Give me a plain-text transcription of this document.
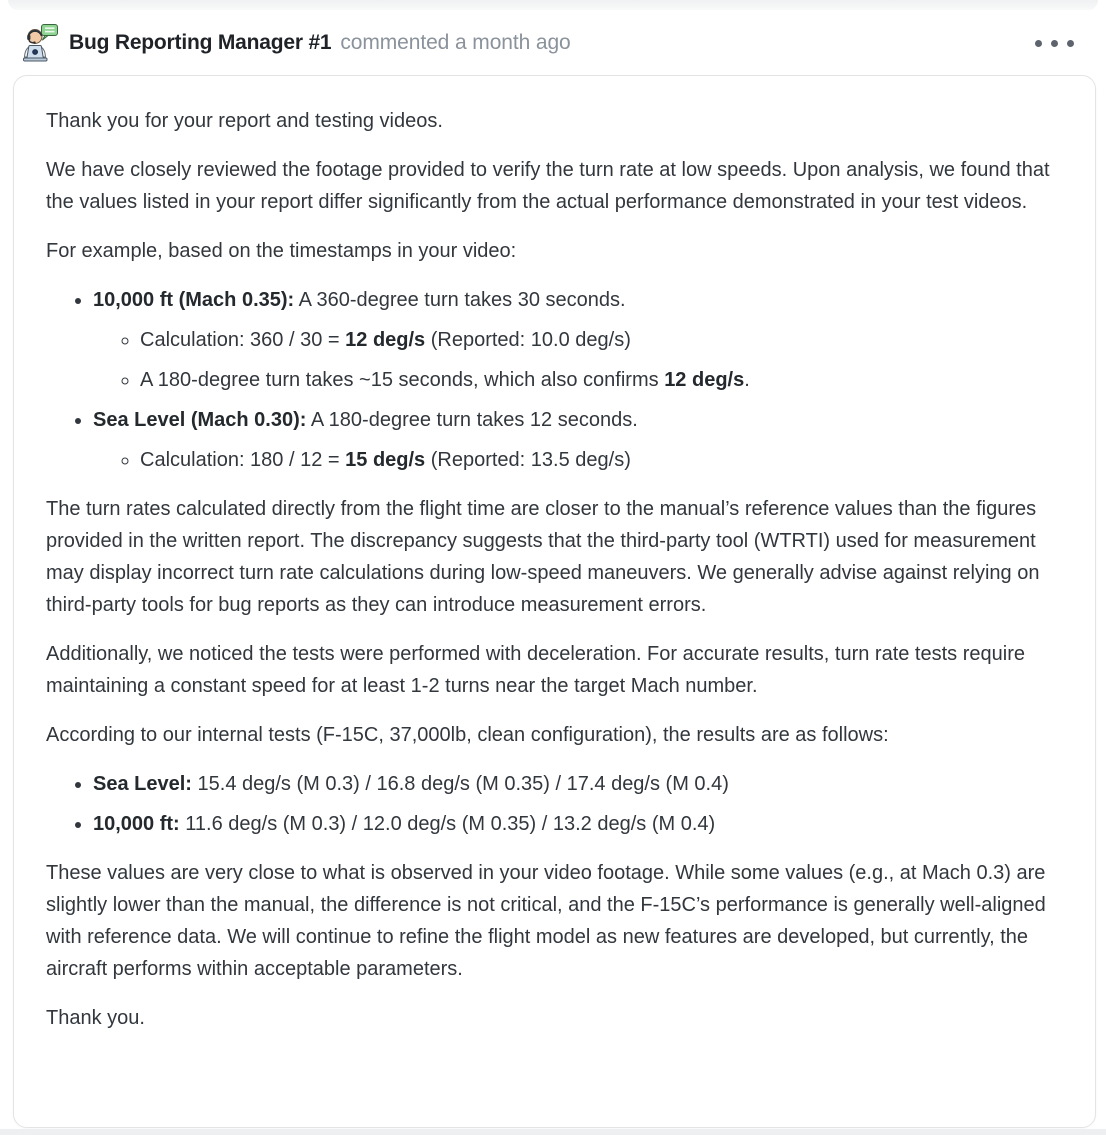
Bug Reporting Manager #1 commented a month ago

Thank you for your report and testing videos.

We have closely reviewed the footage provided to verify the turn rate at low speeds. Upon analysis, we found that the values listed in your report differ significantly from the actual performance demonstrated in your test videos.

For example, based on the timestamps in your video:

• 10,000 ft (Mach 0.35): A 360-degree turn takes 30 seconds.
◦ Calculation: 360 / 30 = 12 deg/s (Reported: 10.0 deg/s)
◦ A 180-degree turn takes ~15 seconds, which also confirms 12 deg/s.
• Sea Level (Mach 0.30): A 180-degree turn takes 12 seconds.
◦ Calculation: 180 / 12 = 15 deg/s (Reported: 13.5 deg/s)

The turn rates calculated directly from the flight time are closer to the manual’s reference values than the figures provided in the written report. The discrepancy suggests that the third-party tool (WTRTI) used for measurement may display incorrect turn rate calculations during low-speed maneuvers. We generally advise against relying on third-party tools for bug reports as they can introduce measurement errors.

Additionally, we noticed the tests were performed with deceleration. For accurate results, turn rate tests require maintaining a constant speed for at least 1-2 turns near the target Mach number.

According to our internal tests (F-15C, 37,000lb, clean configuration), the results are as follows:

• Sea Level: 15.4 deg/s (M 0.3) / 16.8 deg/s (M 0.35) / 17.4 deg/s (M 0.4)
• 10,000 ft: 11.6 deg/s (M 0.3) / 12.0 deg/s (M 0.35) / 13.2 deg/s (M 0.4)

These values are very close to what is observed in your video footage. While some values (e.g., at Mach 0.3) are slightly lower than the manual, the difference is not critical, and the F-15C’s performance is generally well-aligned with reference data. We will continue to refine the flight model as new features are developed, but currently, the aircraft performs within acceptable parameters.

Thank you.
